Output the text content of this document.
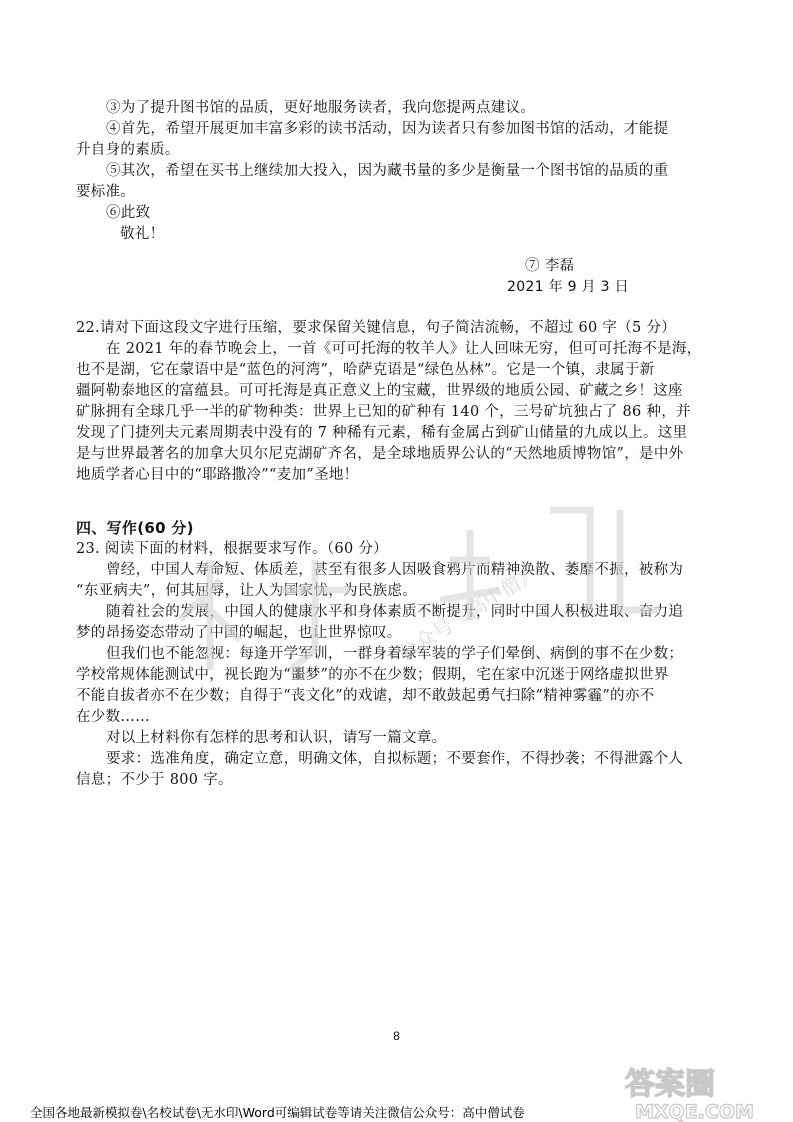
③为了提升图书馆的品质，更好地服务读者，我向您提两点建议。
④首先，希望开展更加丰富多彩的读书活动，因为读者只有参加图书馆的活动，才能提
升自身的素质。
⑤其次，希望在买书上继续加大投入，因为藏书量的多少是衡量一个图书馆的品质的重
要标准。
⑥此致
敬礼！
⑦ 李磊
2021 年 9 月 3 日
22.请对下面这段文字进行压缩，要求保留关键信息，句子简洁流畅，不超过 60 字（5 分）
在 2021 年的春节晚会上，一首《可可托海的牧羊人》让人回味无穷，但可可托海不是海，
也不是湖，它在蒙语中是“蓝色的河湾”，哈萨克语是“绿色丛林”。它是一个镇，隶属于新
疆阿勒泰地区的富蕴县。可可托海是真正意义上的宝藏，世界级的地质公园、矿藏之乡！这座
矿脉拥有全球几乎一半的矿物种类：世界上已知的矿种有 140 个，三号矿坑独占了 86 种，并
发现了门捷列夫元素周期表中没有的 7 种稀有元素，稀有金属占到矿山储量的九成以上。这里
是与世界最著名的加拿大贝尔尼克湖矿齐名，是全球地质界公认的“天然地质博物馆”，是中外
地质学者心目中的“耶路撒冷”“麦加”圣地！
四、写作(60 分)
23. 阅读下面的材料，根据要求写作。（60 分）
曾经，中国人寿命短、体质差，甚至有很多人因吸食鸦片而精神涣散、萎靡不振，被称为
“东亚病夫”，何其屈辱，让人为国家忧，为民族虑。
随着社会的发展，中国人的健康水平和身体素质不断提升，同时中国人积极进取、奋力追
梦的昂扬姿态带动了中国的崛起，也让世界惊叹。
但我们也不能忽视：每逢开学军训，一群身着绿军装的学子们晕倒、病倒的事不在少数；
学校常规体能测试中，视长跑为“噩梦”的亦不在少数；假期，宅在家中沉迷于网络虚拟世界
不能自拔者亦不在少数；自得于“丧文化”的戏谑，却不敢鼓起勇气扫除“精神雾霾”的亦不
在少数……
对以上材料你有怎样的思考和认识，请写一篇文章。
要求：选准角度，确定立意，明确文体，自拟标题；不要套作，不得抄袭；不得泄露个人
信息；不少于 800 字。
公众号《高中僧》
8
答案圈
MXQE.COM
全国各地最新模拟卷\名校试卷\无水印\Word可编辑试卷等请关注微信公众号：高中僧试卷
